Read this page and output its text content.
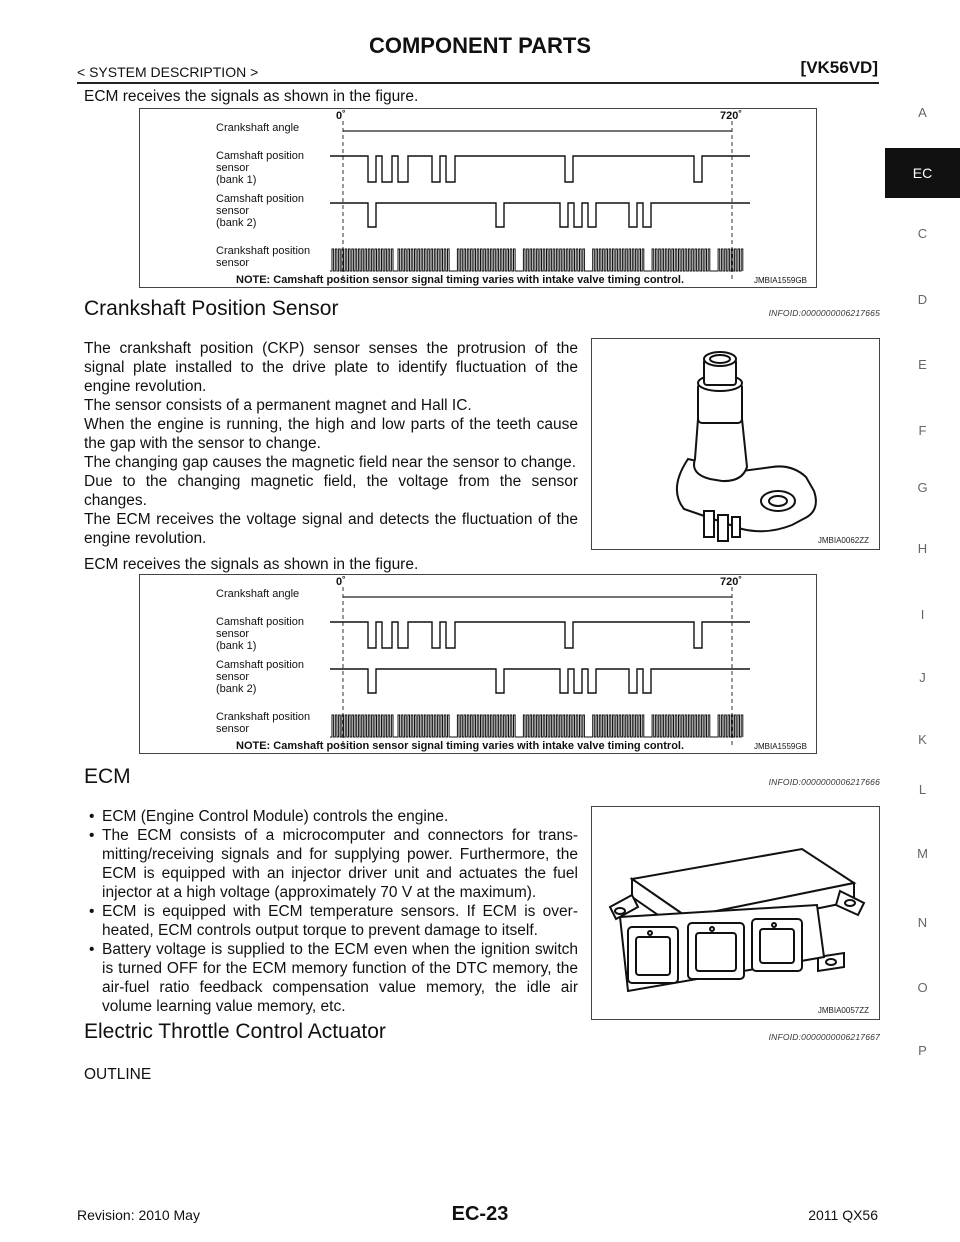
COMPONENT PARTS
< SYSTEM DESCRIPTION >	[VK56VD]
A
EC
C
D
E
F
G
H
I
J
K
L
M
N
O
P
ECM receives the signals as shown in the figure.
0˚	720˚
Crankshaft angle
Camshaft position sensor (bank 1)
Camshaft position sensor (bank 2)
Crankshaft position sensor
NOTE: Camshaft position sensor signal timing varies with intake valve timing control.	JMBIA1559GB
0˚	720˚
Crankshaft angle
Camshaft position sensor (bank 1)
Camshaft position sensor (bank 2)
Crankshaft position sensor
NOTE: Camshaft position sensor signal timing varies with intake valve timing control.	JMBIA1559GB
Crankshaft Position Sensor	INFOID:0000000006217665
The crankshaft position (CKP) sensor senses the protrusion of the signal plate installed to the drive plate to identify fluctuation of the engine revolution.
The sensor consists of a permanent magnet and Hall IC.
When the engine is running, the high and low parts of the teeth cause the gap with the sensor to change.
The changing gap causes the magnetic field near the sensor to change.
Due to the changing magnetic field, the voltage from the sensor changes.
The ECM receives the voltage signal and detects the fluctuation of the engine revolution.
ECM receives the signals as shown in the figure.
JMBIA0062ZZ
ECM	INFOID:0000000006217666
• ECM (Engine Control Module) controls the engine.
• The ECM consists of a microcomputer and connectors for trans-mitting/receiving signals and for supplying power. Furthermore, the ECM is equipped with an injector driver unit and actuates the fuel injector at a high voltage (approximately 70 V at the maximum).
• ECM is equipped with ECM temperature sensors. If ECM is over-heated, ECM controls output torque to prevent damage to itself.
• Battery voltage is supplied to the ECM even when the ignition switch is turned OFF for the ECM memory function of the DTC memory, the air-fuel ratio feedback compensation value memory, the idle air volume learning value memory, etc.	JMBIA0057ZZ
Electric Throttle Control Actuator	INFOID:0000000006217667
OUTLINE
Revision: 2010 May	EC-23	2011 QX56
